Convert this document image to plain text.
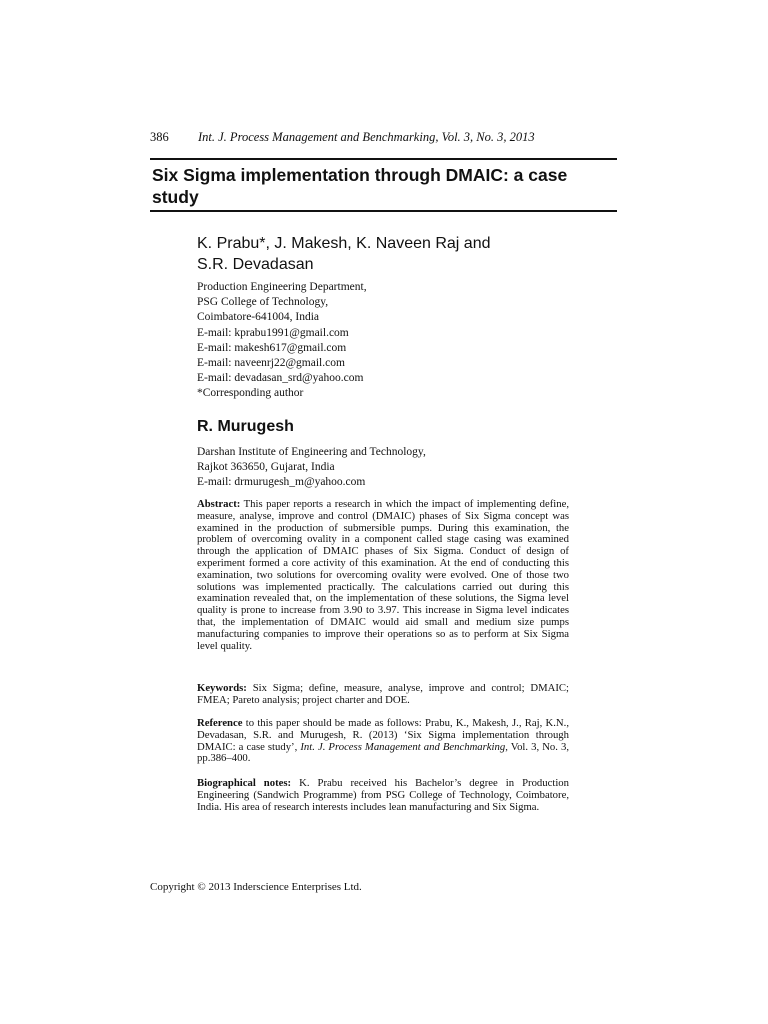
386 Int. J. Process Management and Benchmarking, Vol. 3, No. 3, 2013
Six Sigma implementation through DMAIC: a case study
K. Prabu*, J. Makesh, K. Naveen Raj and
S.R. Devadasan
Production Engineering Department,
PSG College of Technology,
Coimbatore-641004, India
E-mail: kprabu1991@gmail.com
E-mail: makesh617@gmail.com
E-mail: naveenrj22@gmail.com
E-mail: devadasan_srd@yahoo.com
*Corresponding author
R. Murugesh
Darshan Institute of Engineering and Technology,
Rajkot 363650, Gujarat, India
E-mail: drmurugesh_m@yahoo.com

Abstract: This paper reports a research in which the impact of implementing define, measure, analyse, improve and control (DMAIC) phases of Six Sigma concept was examined in the production of submersible pumps. During this examination, the problem of overcoming ovality in a component called stage casing was examined through the application of DMAIC phases of Six Sigma. Conduct of design of experiment formed a core activity of this examination. At the end of conducting this examination, two solutions for overcoming ovality were evolved. One of those two solutions was implemented practically. The calculations carried out during this examination revealed that, on the implementation of these solutions, the Sigma level quality is prone to increase from 3.90 to 3.97. This increase in Sigma level indicates that, the implementation of DMAIC would aid small and medium size pumps manufacturing companies to improve their operations so as to perform at Six Sigma level quality.

Keywords: Six Sigma; define, measure, analyse, improve and control; DMAIC; FMEA; Pareto analysis; project charter and DOE.

Reference to this paper should be made as follows: Prabu, K., Makesh, J., Raj, K.N., Devadasan, S.R. and Murugesh, R. (2013) ‘Six Sigma implementation through DMAIC: a case study’, Int. J. Process Management and Benchmarking, Vol. 3, No. 3, pp.386–400.

Biographical notes: K. Prabu received his Bachelor’s degree in Production Engineering (Sandwich Programme) from PSG College of Technology, Coimbatore, India. His area of research interests includes lean manufacturing and Six Sigma.

Copyright © 2013 Inderscience Enterprises Ltd.
